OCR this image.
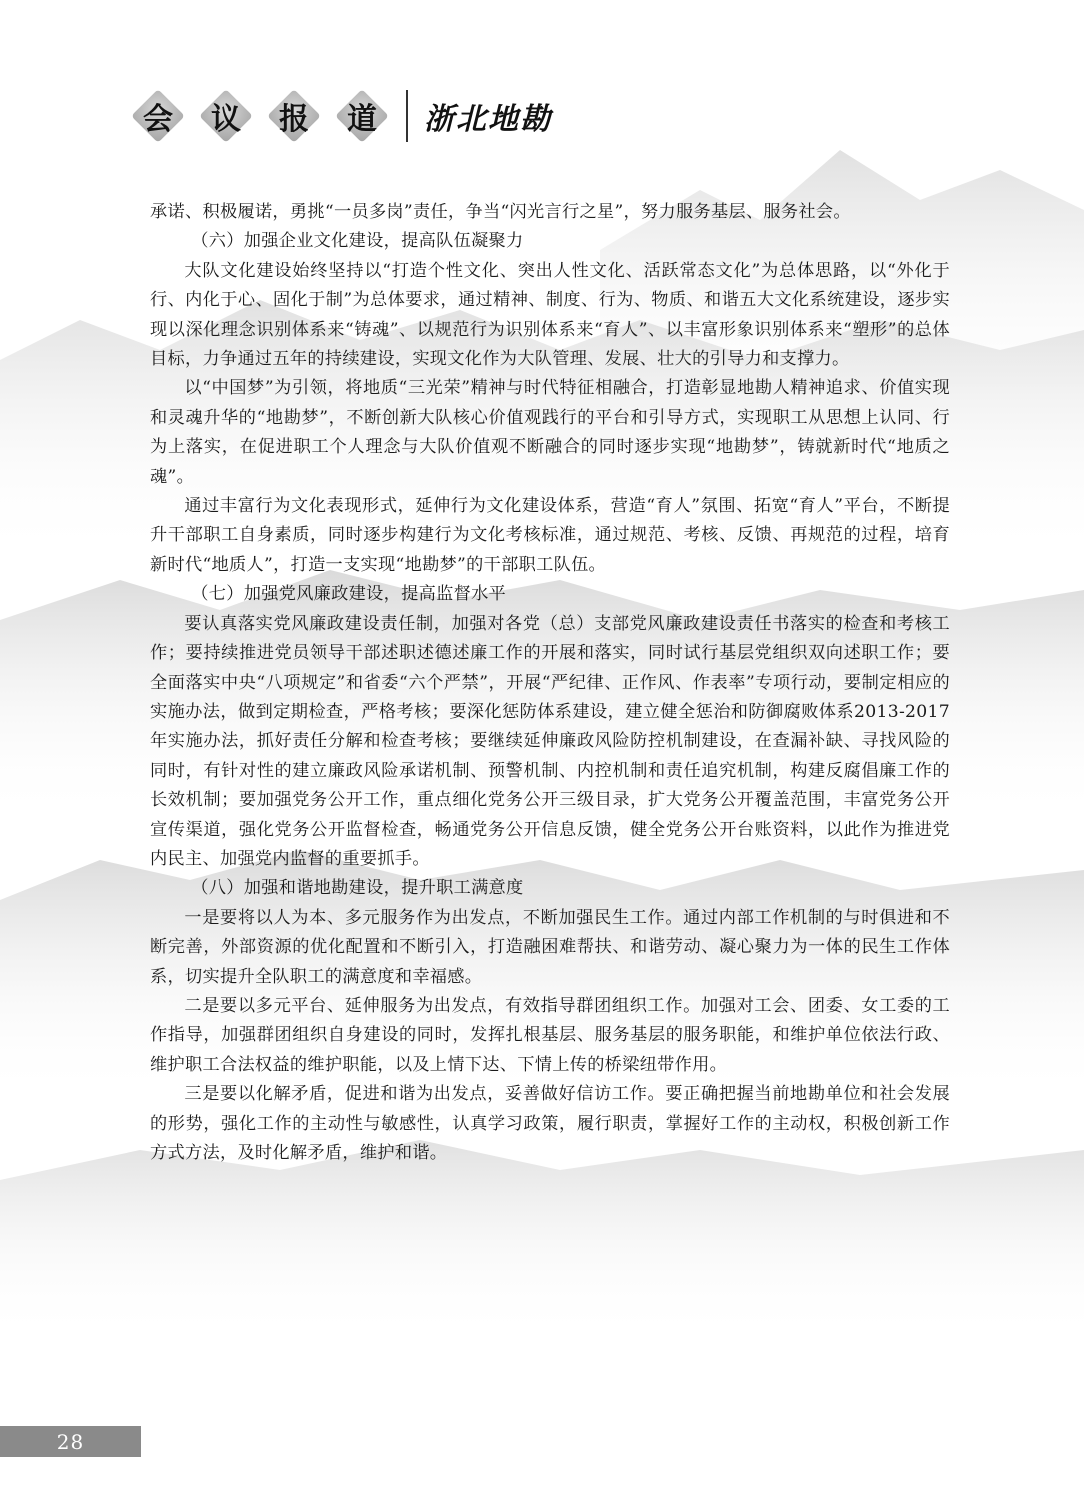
会 议 报 道 浙北地勘

承诺、积极履诺，勇挑“一员多岗”责任，争当“闪光言行之星”，努力服务基层、服务社会。

（六）加强企业文化建设，提高队伍凝聚力

大队文化建设始终坚持以“打造个性文化、突出人性文化、活跃常态文化”为总体思路，以“外化于行、内化于心、固化于制”为总体要求，通过精神、制度、行为、物质、和谐五大文化系统建设，逐步实现以深化理念识别体系来“铸魂”、以规范行为识别体系来“育人”、以丰富形象识别体系来“塑形”的总体目标，力争通过五年的持续建设，实现文化作为大队管理、发展、壮大的引导力和支撑力。

以“中国梦”为引领，将地质“三光荣”精神与时代特征相融合，打造彰显地勘人精神追求、价值实现和灵魂升华的“地勘梦”，不断创新大队核心价值观践行的平台和引导方式，实现职工从思想上认同、行为上落实，在促进职工个人理念与大队价值观不断融合的同时逐步实现“地勘梦”，铸就新时代“地质之魂”。

通过丰富行为文化表现形式，延伸行为文化建设体系，营造“育人”氛围、拓宽“育人”平台，不断提升干部职工自身素质，同时逐步构建行为文化考核标准，通过规范、考核、反馈、再规范的过程，培育新时代“地质人”，打造一支实现“地勘梦”的干部职工队伍。

（七）加强党风廉政建设，提高监督水平

要认真落实党风廉政建设责任制，加强对各党（总）支部党风廉政建设责任书落实的检查和考核工作；要持续推进党员领导干部述职述德述廉工作的开展和落实，同时试行基层党组织双向述职工作；要全面落实中央“八项规定”和省委“六个严禁”，开展“严纪律、正作风、作表率”专项行动，要制定相应的实施办法，做到定期检查，严格考核；要深化惩防体系建设，建立健全惩治和防御腐败体系2013-2017年实施办法，抓好责任分解和检查考核；要继续延伸廉政风险防控机制建设，在查漏补缺、寻找风险的同时，有针对性的建立廉政风险承诺机制、预警机制、内控机制和责任追究机制，构建反腐倡廉工作的长效机制；要加强党务公开工作，重点细化党务公开三级目录，扩大党务公开覆盖范围，丰富党务公开宣传渠道，强化党务公开监督检查，畅通党务公开信息反馈，健全党务公开台账资料，以此作为推进党内民主、加强党内监督的重要抓手。

（八）加强和谐地勘建设，提升职工满意度

一是要将以人为本、多元服务作为出发点，不断加强民生工作。通过内部工作机制的与时俱进和不断完善，外部资源的优化配置和不断引入，打造融困难帮扶、和谐劳动、凝心聚力为一体的民生工作体系，切实提升全队职工的满意度和幸福感。

二是要以多元平台、延伸服务为出发点，有效指导群团组织工作。加强对工会、团委、女工委的工作指导，加强群团组织自身建设的同时，发挥扎根基层、服务基层的服务职能，和维护单位依法行政、维护职工合法权益的维护职能，以及上情下达、下情上传的桥梁纽带作用。

三是要以化解矛盾，促进和谐为出发点，妥善做好信访工作。要正确把握当前地勘单位和社会发展的形势，强化工作的主动性与敏感性，认真学习政策，履行职责，掌握好工作的主动权，积极创新工作方式方法，及时化解矛盾，维护和谐。

28
